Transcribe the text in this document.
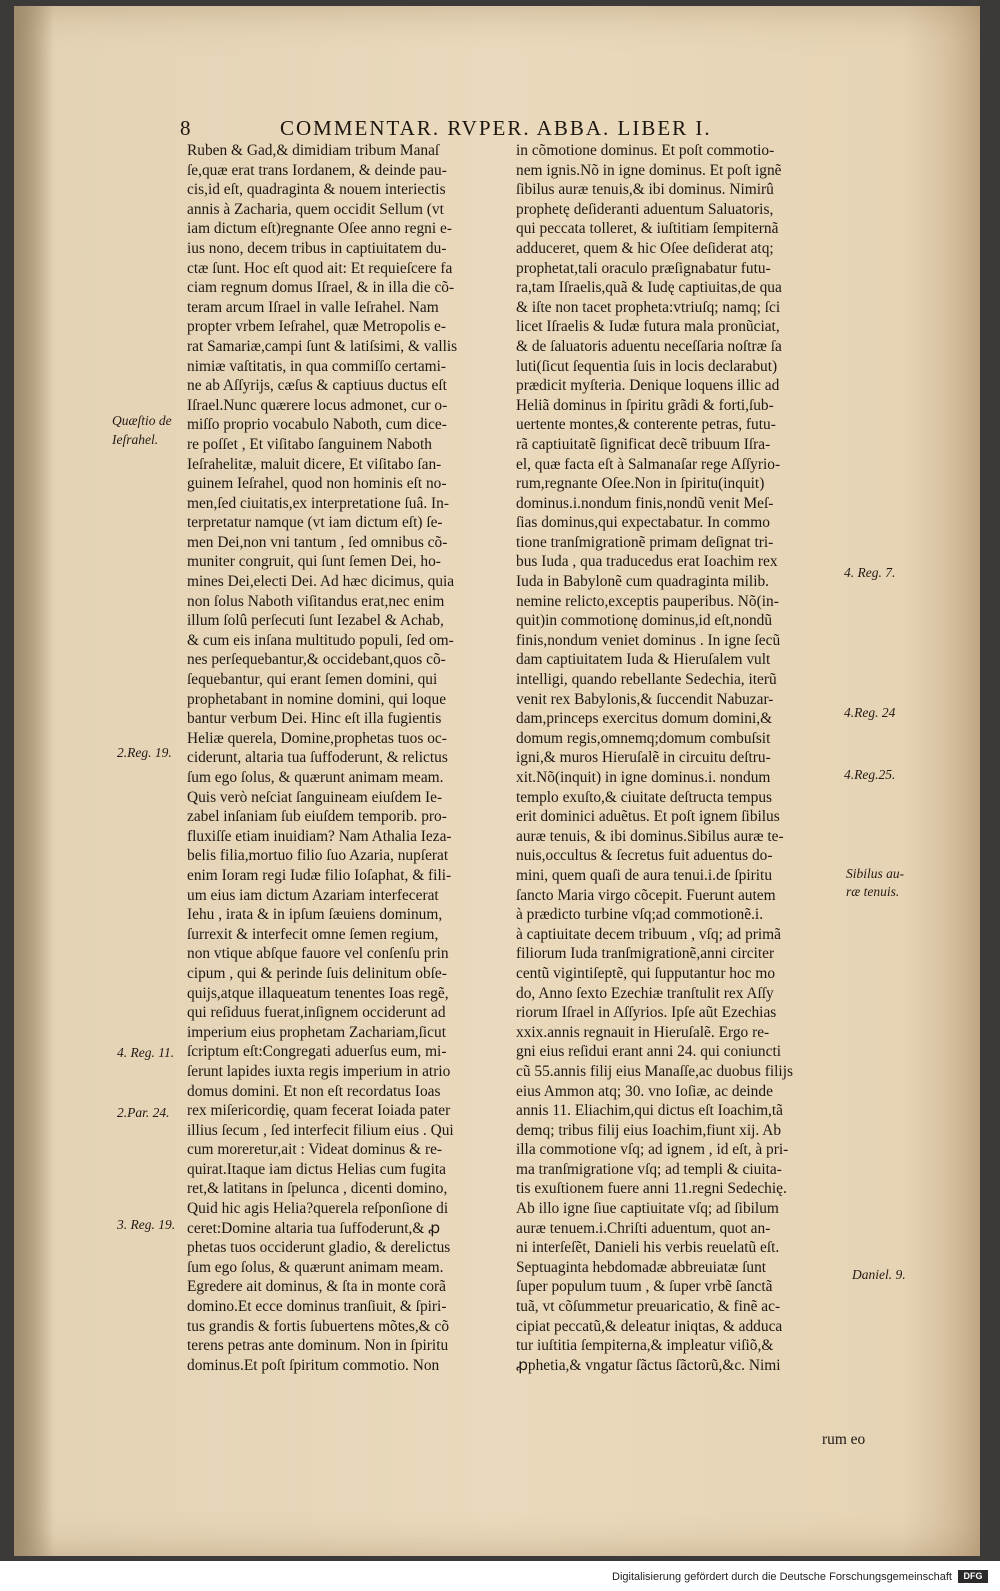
8	COMMENTAR. RVPER. ABBA. LIBER I.
Ruben & Gad,& dimidiam tribum Manaſ
ſe,quæ erat trans Iordanem, & deinde pau-
cis,id eſt, quadraginta & nouem interiectis
annis à Zacharia, quem occidit Sellum (vt
iam dictum eſt)regnante Oſee anno regni e-
ius nono, decem tribus in captiuitatem du-
ctæ ſunt. Hoc eſt quod ait: Et requieſcere fa
ciam regnum domus Iſrael, & in illa die cõ-
teram arcum Iſrael in valle Ieſrahel. Nam
propter vrbem Ieſrahel, quæ Metropolis e-
rat Samariæ,campi ſunt & latiſsimi, & vallis
nimiæ vaſtitatis, in qua commiſſo certami-
ne ab Aſſyrijs, cæſus & captiuus ductus eſt
Iſrael.Nunc quærere locus admonet, cur o-
miſſo proprio vocabulo Naboth, cum dice-
re poſſet , Et viſitabo ſanguinem Naboth
Ieſrahelitæ, maluit dicere, Et viſitabo ſan-
guinem Ieſrahel, quod non hominis eſt no-
men,ſed ciuitatis,ex interpretatione ſuâ. In-
terpretatur namque (vt iam dictum eſt) ſe-
men Dei,non vni tantum , ſed omnibus cõ-
muniter congruit, qui ſunt ſemen Dei, ho-
mines Dei,electi Dei. Ad hæc dicimus, quia
non ſolus Naboth viſitandus erat,nec enim
illum ſolû perſecuti ſunt Iezabel & Achab,
& cum eis inſana multitudo populi, ſed om-
nes perſequebantur,& occidebant,quos cõ-
ſequebantur, qui erant ſemen domini, qui
prophetabant in nomine domini, qui loque
bantur verbum Dei. Hinc eſt illa fugientis
Heliæ querela, Domine,prophetas tuos oc-
ciderunt, altaria tua ſuffoderunt, & relictus
ſum ego ſolus, & quærunt animam meam.
Quis verò neſciat ſanguineam eiuſdem Ie-
zabel inſaniam ſub eiuſdem temporib. pro-
fluxiſſe etiam inuidiam? Nam Athalia Ieza-
belis filia,mortuo filio ſuo Azaria, nupſerat
enim Ioram regi Iudæ filio Ioſaphat, & fili-
um eius iam dictum Azariam interfecerat
Iehu , irata & in ipſum ſæuiens dominum,
ſurrexit & interfecit omne ſemen regium,
non vtique abſque fauore vel conſenſu prin
cipum , qui & perinde ſuis delinitum obſe-
quijs,atque illaqueatum tenentes Ioas regẽ,
qui reſiduus fuerat,inſignem occiderunt ad
imperium eius prophetam Zachariam,ſicut
ſcriptum eſt:Congregati aduerſus eum, mi-
ſerunt lapides iuxta regis imperium in atrio
domus domini. Et non eſt recordatus Ioas
rex miſericordię, quam fecerat Ioiada pater
illius ſecum , ſed interfecit filium eius . Qui
cum moreretur,ait : Videat dominus & re-
quirat.Itaque iam dictus Helias cum fugita
ret,& latitans in ſpelunca , dicenti domino,
Quid hic agis Helia?querela reſponſione di
ceret:Domine altaria tua ſuffoderunt,& ꝓ
phetas tuos occiderunt gladio, & derelictus
ſum ego ſolus, & quærunt animam meam.
Egredere ait dominus, & ſta in monte corã
domino.Et ecce dominus tranſiuit, & ſpiri-
tus grandis & fortis ſubuertens mõtes,& cõ
terens petras ante dominum. Non in ſpiritu
dominus.Et poſt ſpiritum commotio. Non
in cõmotione dominus. Et poſt commotio-
nem ignis.Nõ in igne dominus. Et poſt ignẽ
ſibilus auræ tenuis,& ibi dominus. Nimirû
prophetę deſideranti aduentum Saluatoris,
qui peccata tolleret, & iuſtitiam ſempiternã
adduceret, quem & hic Oſee deſiderat atq;
prophetat,tali oraculo præſignabatur futu-
ra,tam Iſraelis,quã & Iudę captiuitas,de qua
& iſte non tacet propheta:vtriuſq; namq; ſci
licet Iſraelis & Iudæ futura mala pronũciat,
& de ſaluatoris aduentu neceſſaria noſtræ ſa
luti(ſicut ſequentia ſuis in locis declarabut)
prædicit myſteria. Denique loquens illic ad
Heliã dominus in ſpiritu grãdi & forti,ſub-
uertente montes,& conterente petras, futu-
rã captiuitatẽ ſignificat decẽ tribuum Iſra-
el, quæ facta eſt à Salmanaſar rege Aſſyrio-
rum,regnante Oſee.Non in ſpiritu(inquit)
dominus.i.nondum finis,nondũ venit Meſ-
ſias dominus,qui expectabatur. In commo
tione tranſmigrationẽ primam deſignat tri-
bus Iuda , qua traducedus erat Ioachim rex
Iuda in Babylonẽ cum quadraginta milib.
nemine relicto,exceptis pauperibus. Nõ(in-
quit)in commotionę dominus,id eſt,nondũ
finis,nondum veniet dominus . In igne ſecũ
dam captiuitatem Iuda & Hieruſalem vult
intelligi, quando rebellante Sedechia, iterũ
venit rex Babylonis,& ſuccendit Nabuzar-
dam,princeps exercitus domum domini,&
domum regis,omnemq;domum combuſsit
igni,& muros Hieruſalẽ in circuitu deſtru-
xit.Nõ(inquit) in igne dominus.i. nondum
templo exuſto,& ciuitate deſtructa tempus
erit dominici aduẽtus. Et poſt ignem ſibilus
auræ tenuis, & ibi dominus.Sibilus auræ te-
nuis,occultus & ſecretus fuit aduentus do-
mini, quem quaſi de aura tenui.i.de ſpiritu
ſancto Maria virgo cõcepit. Fuerunt autem
à prædicto turbine vſq;ad commotionẽ.i.
à captiuitate decem tribuum , vſq; ad primã
filiorum Iuda tranſmigrationẽ,anni circiter
centũ vigintiſeptẽ, qui ſupputantur hoc mo
do, Anno ſexto Ezechiæ tranſtulit rex Aſſy
riorum Iſrael in Aſſyrios. Ipſe aũt Ezechias
xxix.annis regnauit in Hieruſalẽ. Ergo re-
gni eius reſidui erant anni 24. qui coniuncti
cũ 55.annis filij eius Manaſſe,ac duobus filijs
eius Ammon atq; 30. vno Ioſiæ, ac deinde
annis 11. Eliachim,qui dictus eſt Ioachim,tã
demq; tribus filij eius Ioachim,fiunt xij. Ab
illa commotione vſq; ad ignem , id eſt, à pri-
ma tranſmigratione vſq; ad templi & ciuita-
tis exuſtionem fuere anni 11.regni Sedechię.
Ab illo igne ſiue captiuitate vſq; ad ſibilum
auræ tenuem.i.Chriſti aduentum, quot an-
ni interſeſẽt, Danieli his verbis reuelatũ eſt.
Septuaginta hebdomadæ abbreuiatæ ſunt
ſuper populum tuum , & ſuper vrbẽ ſanctã
tuã, vt cõſummetur preuaricatio, & finẽ ac-
cipiat peccatũ,& deleatur iniqtas, & adduca
tur iuſtitia ſempiterna,& impleatur viſiõ,&
ꝓphetia,& vngatur ſãctus ſãctorũ,&c. Nimi
rum eo
Quæſtio de
Ieſrahel.
2.Reg. 19.
4. Reg. 11.
2.Par. 24.
3. Reg. 19.
4. Reg. 7.
4.Reg. 24
4.Reg.25.
Sibilus au-
ræ tenuis.
Daniel. 9.
Digitalisierung gefördert durch die Deutsche Forschungsgemeinschaft	DFG
